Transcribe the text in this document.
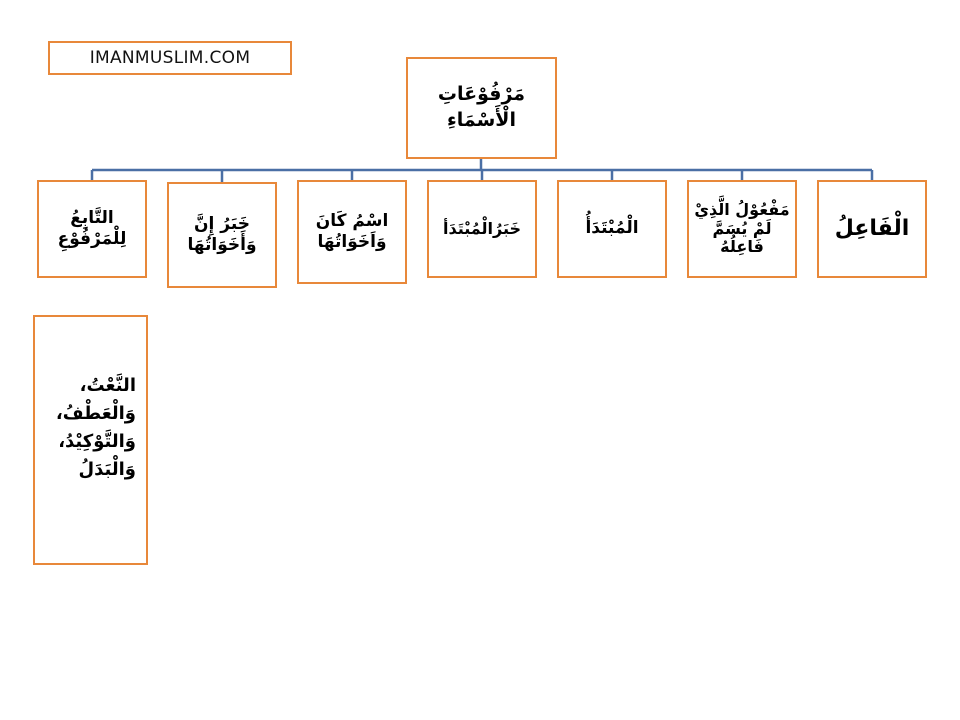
IMANMUSLIM.COM
مَرْفُوْعَاتِ الْأَسْمَاءِ
الْفَاعِلُ
مَفْعُوْلُ الَّذِيْ لَمْ يُسَمَّ فَاعِلُهُ
الْمُبْتَدَأُ
خَبَرُالْمُبْتَدَأ
اسْمُ كَانَ وَاَخَوَاتُهَا
خَبَرُ إِنَّ وَأَخَوَاتُهَا
التَّابِعُ لِلْمَرْفُوْعِ
النَّعْتُ،
وَالْعَطْفُ،
وَالتَّوْكِيْدُ،
وَالْبَدَلُ
